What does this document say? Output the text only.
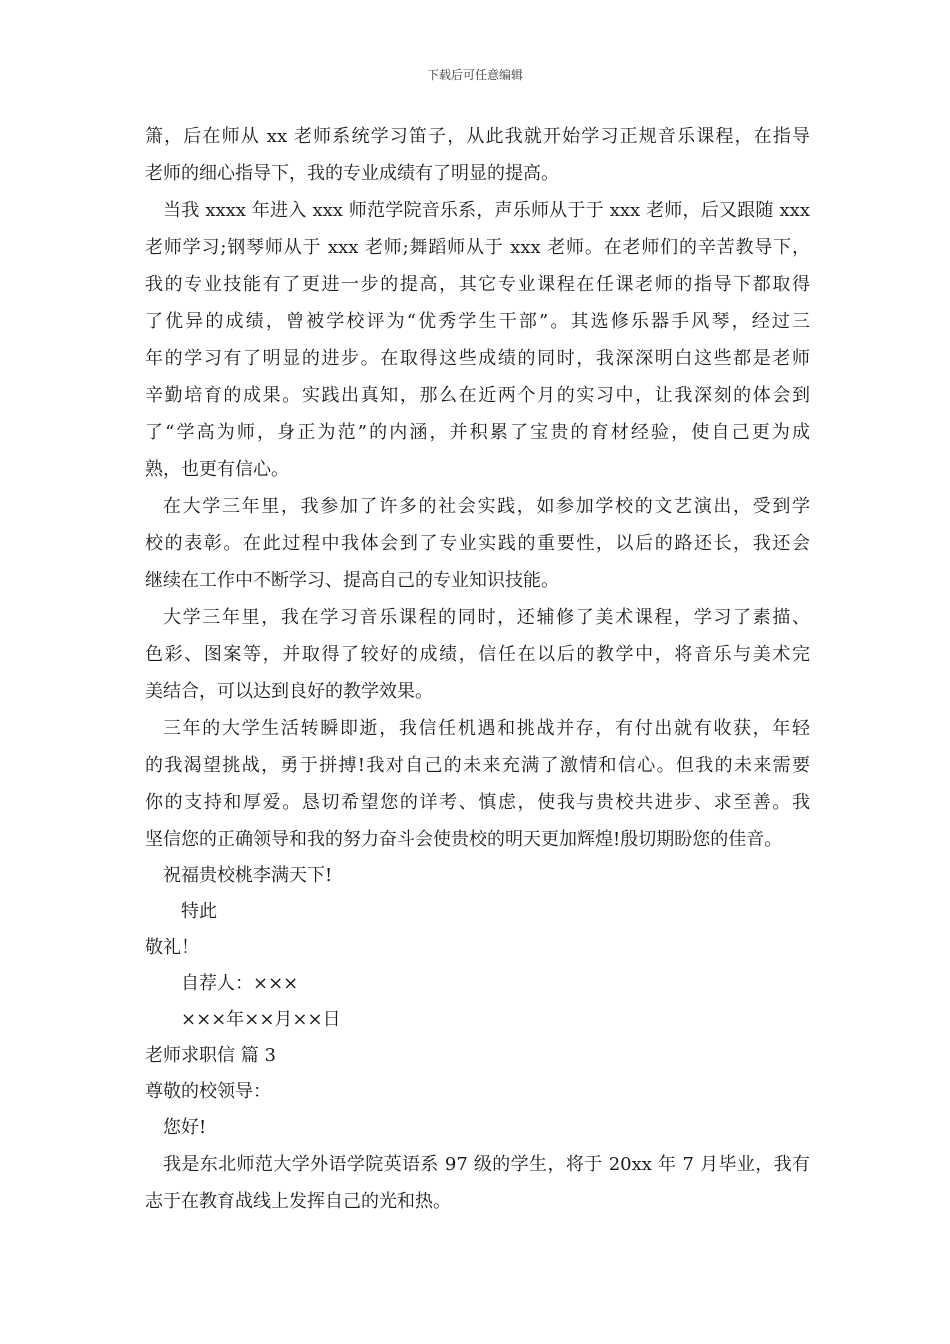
下载后可任意编辑
箫，后在师从 xx 老师系统学习笛子，从此我就开始学习正规音乐课程，在指导
老师的细心指导下，我的专业成绩有了明显的提高。
当我 xxxx 年进入 xxx 师范学院音乐系，声乐师从于于 xxx 老师，后又跟随 xxx
老师学习;钢琴师从于 xxx 老师;舞蹈师从于 xxx 老师。在老师们的辛苦教导下，
我的专业技能有了更进一步的提高，其它专业课程在任课老师的指导下都取得
了优异的成绩，曾被学校评为“优秀学生干部”。其选修乐器手风琴，经过三
年的学习有了明显的进步。在取得这些成绩的同时，我深深明白这些都是老师
辛勤培育的成果。实践出真知，那么在近两个月的实习中，让我深刻的体会到
了“学高为师，身正为范”的内涵，并积累了宝贵的育材经验，使自己更为成
熟，也更有信心。
在大学三年里，我参加了许多的社会实践，如参加学校的文艺演出，受到学
校的表彰。在此过程中我体会到了专业实践的重要性，以后的路还长，我还会
继续在工作中不断学习、提高自己的专业知识技能。
大学三年里，我在学习音乐课程的同时，还辅修了美术课程，学习了素描、
色彩、图案等，并取得了较好的成绩，信任在以后的教学中，将音乐与美术完
美结合，可以达到良好的教学效果。
三年的大学生活转瞬即逝，我信任机遇和挑战并存，有付出就有收获，年轻
的我渴望挑战，勇于拼搏!我对自己的未来充满了激情和信心。但我的未来需要
你的支持和厚爱。恳切希望您的详考、慎虑，使我与贵校共进步、求至善。我
坚信您的正确领导和我的努力奋斗会使贵校的明天更加辉煌!殷切期盼您的佳音。
祝福贵校桃李满天下!
特此
敬礼！
自荐人：×××
×××年××月××日
老师求职信 篇 3
尊敬的校领导：
您好!
我是东北师范大学外语学院英语系 97 级的学生，将于 20xx 年 7 月毕业，我有
志于在教育战线上发挥自己的光和热。
